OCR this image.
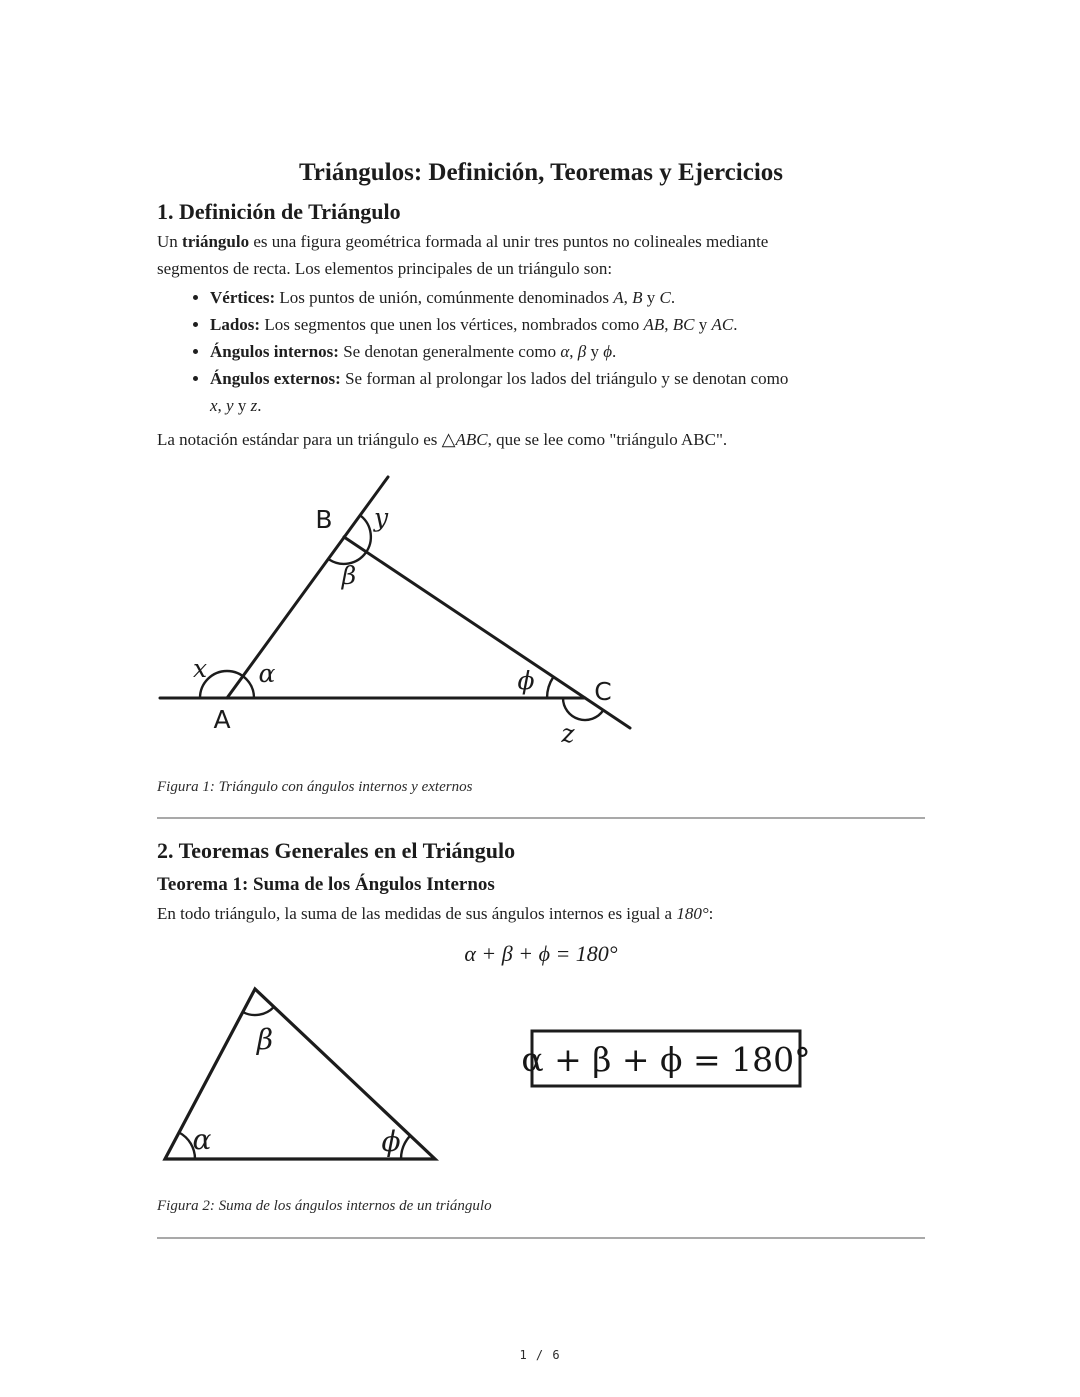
Triángulos: Definición, Teoremas y Ejercicios
1. Definición de Triángulo

Un triángulo es una figura geométrica formada al unir tres puntos no colineales mediante
segmentos de recta. Los elementos principales de un triángulo son:

• Vértices: Los puntos de unión, comúnmente denominados A, B y C.
• Lados: Los segmentos que unen los vértices, nombrados como AB, BC y AC.
• Ángulos internos: Se denotan generalmente como α, β y ϕ.
• Ángulos externos: Se forman al prolongar los lados del triángulo y se denotan como
x, y y z.

La notación estándar para un triángulo es △ABC, que se lee como "triángulo ABC".

x α
A
B y
β
ϕ C
z
Figura 1: Triángulo con ángulos internos y externos
2. Teoremas Generales en el Triángulo
Teorema 1: Suma de los Ángulos Internos

En todo triángulo, la suma de las medidas de sus ángulos internos es igual a 180°:

α + β + ϕ = 180°
α
β
ϕ
α + β + ϕ = 180°
Figura 2: Suma de los ángulos internos de un triángulo
1 / 6
